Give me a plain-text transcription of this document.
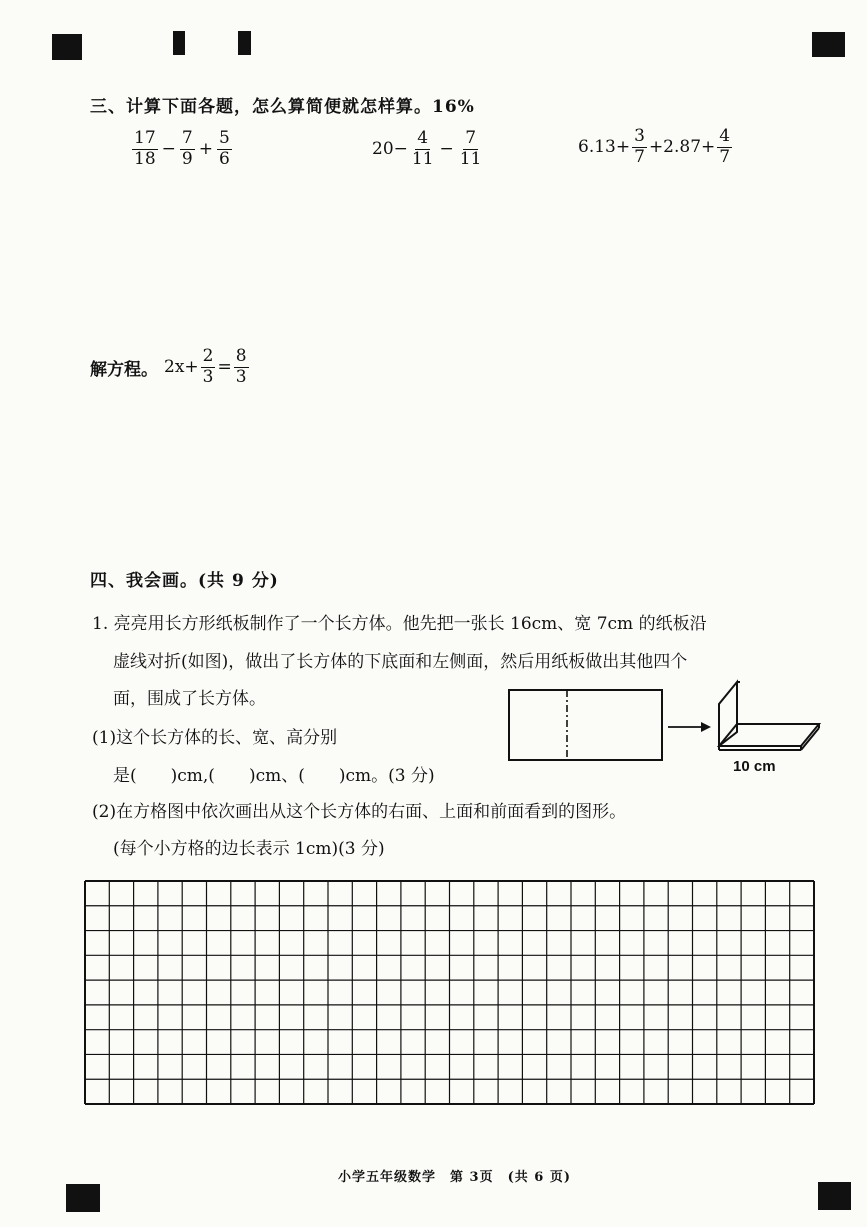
三、计算下面各题，怎么算简便就怎样算。16%
$\frac{17}{18} - \frac{7}{9} + \frac{5}{6}$	$20- \frac{4}{11} - \frac{7}{11}$	$6.13+ \frac{3}{7} +2.87+ \frac{4}{7}$
解方程。 $2x+ \frac{2}{3} = \frac{8}{3}$
四、我会画。(共 9 分)
1. 亮亮用长方形纸板制作了一个长方体。他先把一张长 16cm、宽 7cm 的纸板沿
虚线对折(如图)，做出了长方体的下底面和左侧面，然后用纸板做出其他四个
面，围成了长方体。
(1)这个长方体的长、宽、高分别
是(　　)cm,(　　)cm、(　　)cm。(3 分)
(2)在方格图中依次画出从这个长方体的右面、上面和前面看到的图形。
(每个小方格的边长表示 1cm)(3 分)
10 cm
小学五年级数学　第 3页　(共 6 页)
